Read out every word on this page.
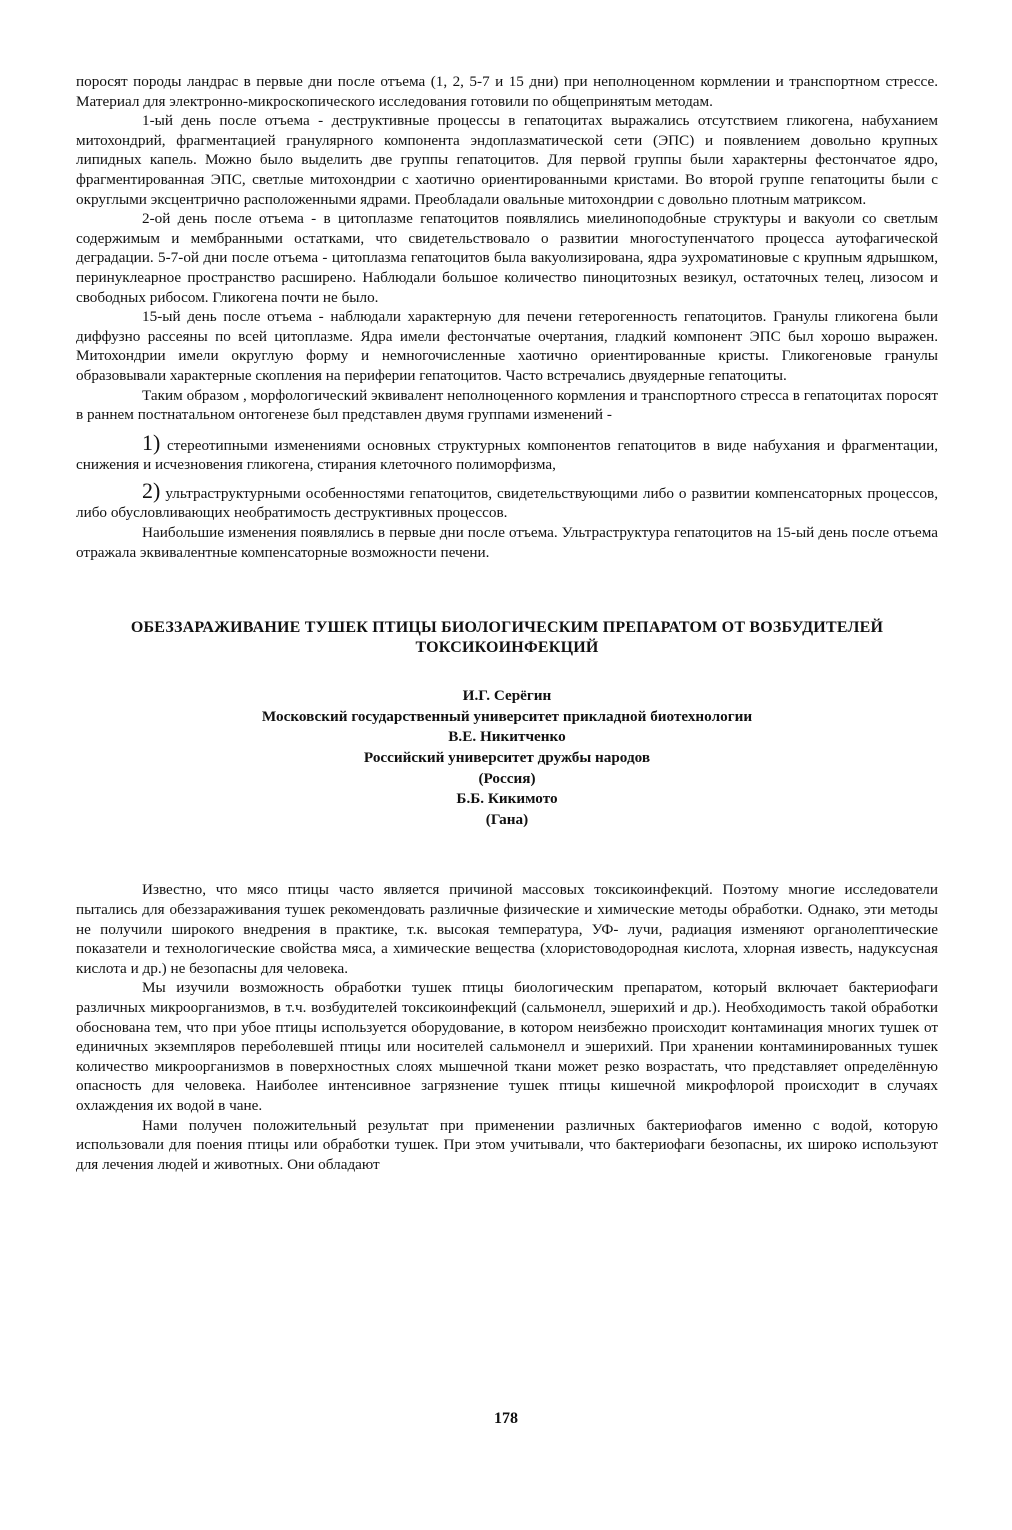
поросят породы ландрас в первые дни после отъема (1, 2, 5-7 и 15 дни) при неполноценном кормлении и транспортном стрессе. Материал для электронно-микроскопического исследования готовили по общепринятым методам.

1-ый день после отъема - деструктивные процессы в гепатоцитах выражались отсутствием гликогена, набуханием митохондрий, фрагментацией гранулярного компонента эндоплазматической сети (ЭПС) и появлением довольно крупных липидных капель. Можно было выделить две группы гепатоцитов. Для первой группы были характерны фестончатое ядро, фрагментированная ЭПС, светлые митохондрии с хаотично ориентированными кристами. Во второй группе гепатоциты были с округлыми эксцентрично расположенными ядрами. Преобладали овальные митохондрии с довольно плотным матриксом.

2-ой день после отъема - в цитоплазме гепатоцитов появлялись миелиноподобные структуры и вакуоли со светлым содержимым и мембранными остатками, что свидетельствовало о развитии многоступенчатого процесса аутофагической деградации. 5-7-ой дни после отъема - цитоплазма гепатоцитов была вакуолизирована, ядра эухроматиновые с крупным ядрышком, перинуклеарное пространство расширено. Наблюдали большое количество пиноцитозных везикул, остаточных телец, лизосом и свободных рибосом. Гликогена почти не было.

15-ый день после отъема - наблюдали характерную для печени гетерогенность гепатоцитов. Гранулы гликогена были диффузно рассеяны по всей цитоплазме. Ядра имели фестончатые очертания, гладкий компонент ЭПС был хорошо выражен. Митохондрии имели округлую форму и немногочисленные хаотично ориентированные кристы. Гликогеновые гранулы образовывали характерные скопления на периферии гепатоцитов. Часто встречались двуядерные гепатоциты.

Таким образом , морфологический эквивалент неполноценного кормления и транспортного стресса в гепатоцитах поросят в раннем постнатальном онтогенезе был представлен двумя группами изменений -

1) стереотипными изменениями основных структурных компонентов гепатоцитов в виде набухания и фрагментации, снижения и исчезновения гликогена, стирания клеточного полиморфизма,

2) ультраструктурными особенностями гепатоцитов, свидетельствующими либо о развитии компенсаторных процессов, либо обусловливающих необратимость деструктивных процессов.

Наибольшие изменения появлялись в первые дни после отъема. Ультраструктура гепатоцитов на 15-ый день после отъема отражала эквивалентные компенсаторные возможности печени.

ОБЕЗЗАРАЖИВАНИЕ ТУШЕК ПТИЦЫ БИОЛОГИЧЕСКИМ ПРЕПАРАТОМ ОТ ВОЗБУДИТЕЛЕЙ ТОКСИКОИНФЕКЦИЙ
И.Г. Серёгин
Московский государственный университет прикладной биотехнологии
В.Е. Никитченко
Российский университет дружбы народов
(Россия)
Б.Б. Кикимото
(Гана)

Известно, что мясо птицы часто является причиной массовых токсикоинфекций. Поэтому многие исследователи пытались для обеззараживания тушек рекомендовать различные физические и химические методы обработки. Однако, эти методы не получили широкого внедрения в практике, т.к. высокая температура, УФ- лучи, радиация изменяют органолептические показатели и технологические свойства мяса, а химические вещества (хлористоводородная кислота, хлорная известь, надуксусная кислота и др.) не безопасны для человека.

Мы изучили возможность обработки тушек птицы биологическим препаратом, который включает бактериофаги различных микроорганизмов, в т.ч. возбудителей токсикоинфекций (сальмонелл, эшерихий и др.). Необходимость такой обработки обоснована тем, что при убое птицы используется оборудование, в котором неизбежно происходит контаминация многих тушек от единичных экземпляров переболевшей птицы или носителей сальмонелл и эшерихий. При хранении контаминированных тушек количество микроорганизмов в поверхностных слоях мышечной ткани может резко возрастать, что представляет определённую опасность для человека. Наиболее интенсивное загрязнение тушек птицы кишечной микрофлорой происходит в случаях охлаждения их водой в чане.

Нами получен положительный результат при применении различных бактериофагов именно с водой, которую использовали для поения птицы или обработки тушек. При этом учитывали, что бактериофаги безопасны, их широко используют для лечения людей и животных. Они обладают

178
